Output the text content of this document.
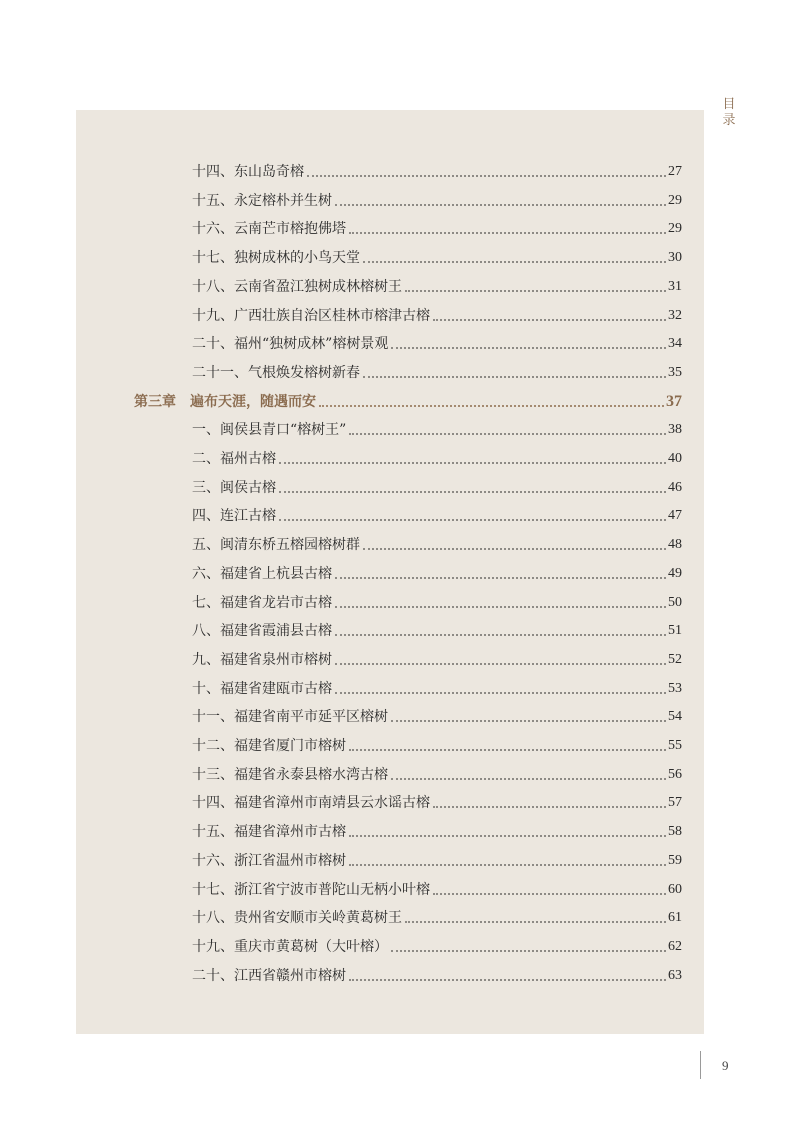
十四、东山岛奇榕	27
十五、永定榕朴并生树	29
十六、云南芒市榕抱佛塔	29
十七、独树成林的小鸟天堂	30
十八、云南省盈江独树成林榕树王	31
十九、广西壮族自治区桂林市榕津古榕	32
二十、福州“独树成林”榕树景观	34
二十一、气根焕发榕树新春	35
第三章　遍布天涯，随遇而安	37
一、闽侯县青口“榕树王”	38
二、福州古榕	40
三、闽侯古榕	46
四、连江古榕	47
五、闽清东桥五榕园榕树群	48
六、福建省上杭县古榕	49
七、福建省龙岩市古榕	50
八、福建省霞浦县古榕	51
九、福建省泉州市榕树	52
十、福建省建瓯市古榕	53
十一、福建省南平市延平区榕树	54
十二、福建省厦门市榕树	55
十三、福建省永泰县榕水湾古榕	56
十四、福建省漳州市南靖县云水谣古榕	57
十五、福建省漳州市古榕	58
十六、浙江省温州市榕树	59
十七、浙江省宁波市普陀山无柄小叶榕	60
十八、贵州省安顺市关岭黄葛树王	61
十九、重庆市黄葛树（大叶榕）	62
二十、江西省赣州市榕树	63
目
录
9
